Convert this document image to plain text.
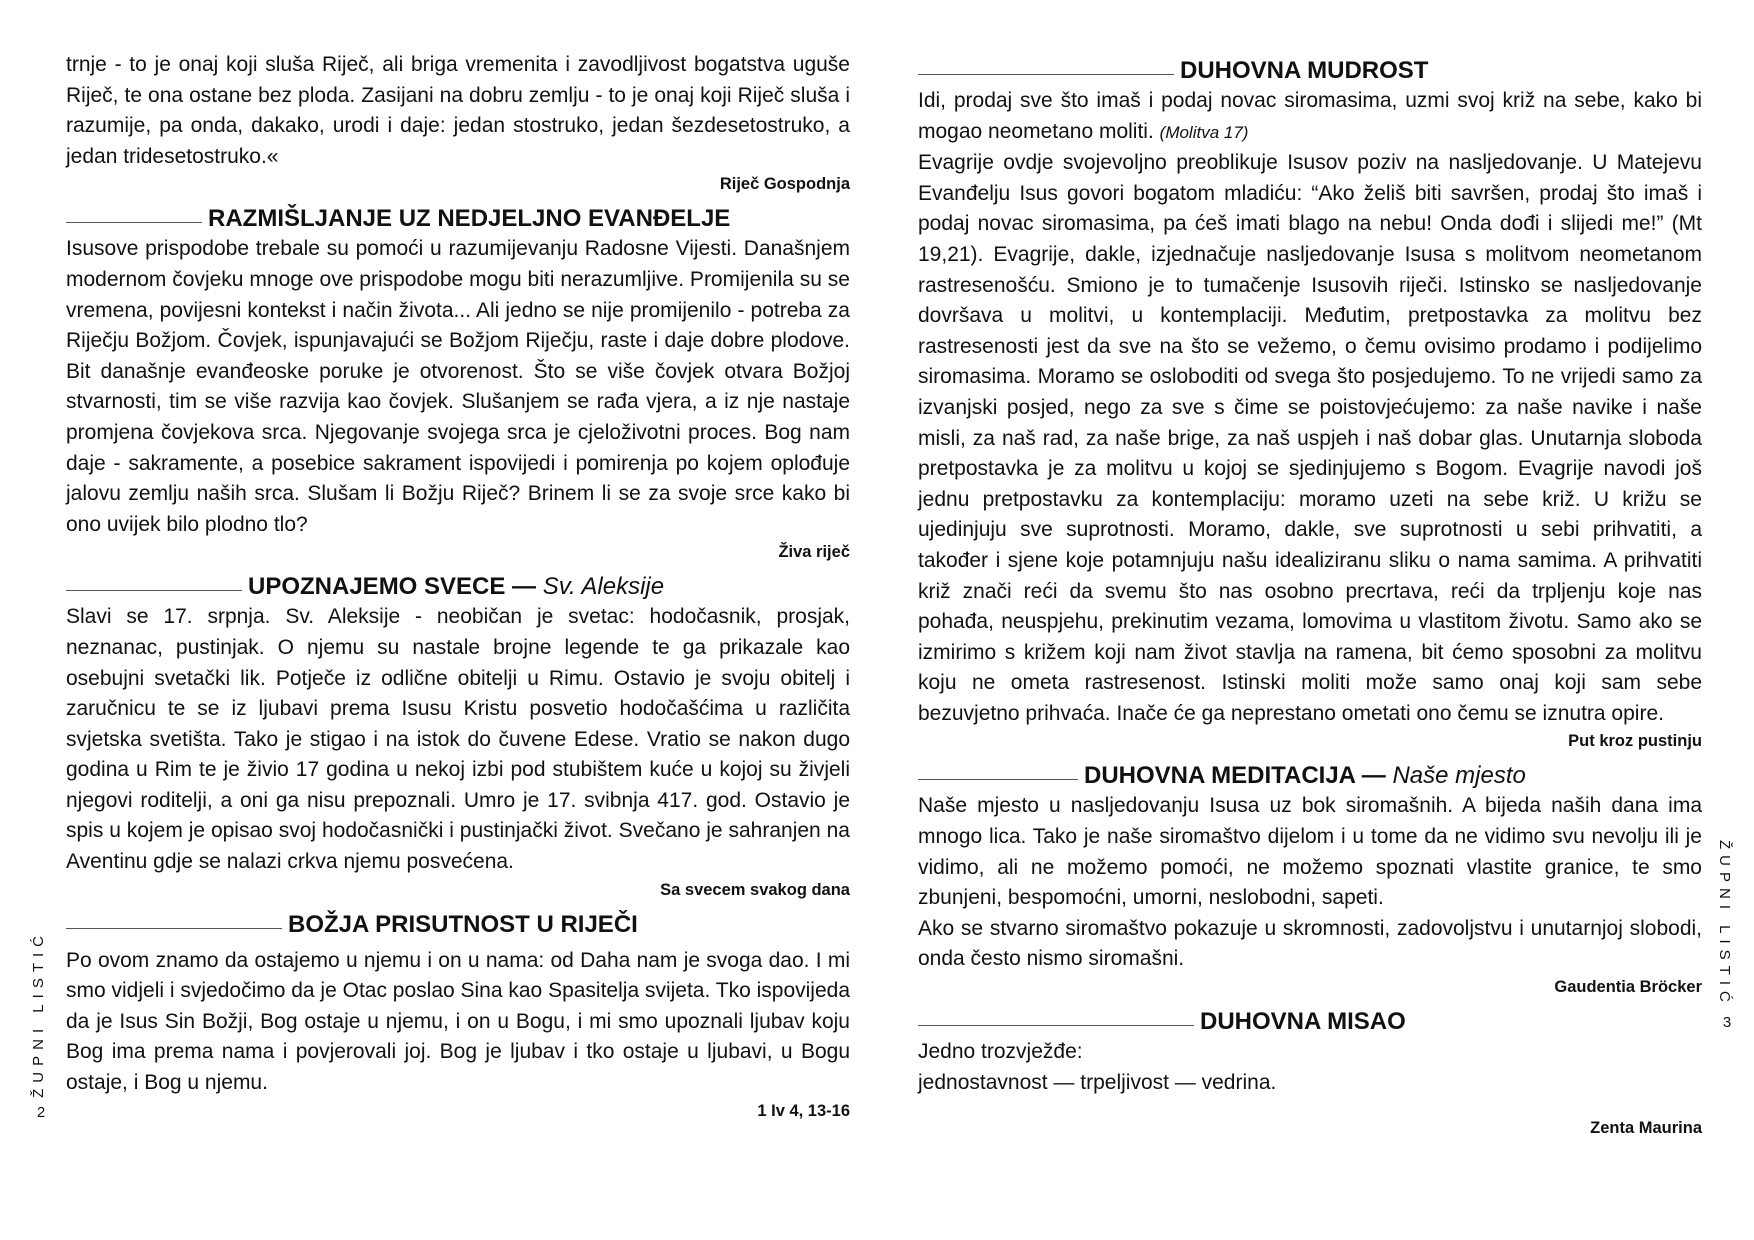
trnje - to je onaj koji sluša Riječ, ali briga vremenita i zavodljivost bogatstva uguše Riječ, te ona ostane bez ploda. Zasijani na dobru zemlju - to je onaj koji Riječ sluša i razumije, pa onda, dakako, urodi i daje: jedan stostruko, jedan šezdesetostruko, a jedan tridesetostruko.«

Riječ Gospodnja

RAZMIŠLJANJE UZ NEDJELJNO EVANĐELJE

Isusove prispodobe trebale su pomoći u razumijevanju Radosne Vijesti. Današnjem modernom čovjeku mnoge ove prispodobe mogu biti nerazumljive. Promijenila su se vremena, povijesni kontekst i način života... Ali jedno se nije promijenilo - potreba za Riječju Božjom. Čovjek, ispunjavajući se Božjom Riječju, raste i daje dobre plodove. Bit današnje evanđeoske poruke je otvorenost. Što se više čovjek otvara Božjoj stvarnosti, tim se više razvija kao čovjek. Slušanjem se rađa vjera, a iz nje nastaje promjena čovjekova srca. Njegovanje svojega srca je cjeloživotni proces. Bog nam daje - sakramente, a posebice sakrament ispovijedi i pomirenja po kojem oplođuje jalovu zemlju naših srca. Slušam li Božju Riječ? Brinem li se za svoje srce kako bi ono uvijek bilo plodno tlo?

Živa riječ

UPOZNAJEMO SVECE — Sv. Aleksije

Slavi se 17. srpnja. Sv. Aleksije - neobičan je svetac: hodočasnik, prosjak, neznanac, pustinjak. O njemu su nastale brojne legende te ga prikazale kao osebujni svetački lik. Potječe iz odlične obitelji u Rimu. Ostavio je svoju obitelj i zaručnicu te se iz ljubavi prema Isusu Kristu posvetio hodočašćima u različita svjetska svetišta. Tako je stigao i na istok do čuvene Edese. Vratio se nakon dugo godina u Rim te je živio 17 godina u nekoj izbi pod stubištem kuće u kojoj su živjeli njegovi roditelji, a oni ga nisu prepoznali. Umro je 17. svibnja 417. god. Ostavio je spis u kojem je opisao svoj hodočasnički i pustinjački život. Svečano je sahranjen na Aventinu gdje se nalazi crkva njemu posvećena.

Sa svecem svakog dana

BOŽJA PRISUTNOST U RIJEČI

Po ovom znamo da ostajemo u njemu i on u nama: od Daha nam je svoga dao. I mi smo vidjeli i svjedočimo da je Otac poslao Sina kao Spasitelja svijeta. Tko ispovijeda da je Isus Sin Božji, Bog ostaje u njemu, i on u Bogu, i mi smo upoznali ljubav koju Bog ima prema nama i povjerovali joj. Bog je ljubav i tko ostaje u ljubavi, u Bogu ostaje, i Bog u njemu.

1 Iv 4, 13-16

ŽUPNI LISTIĆ
2
DUHOVNA MUDROST

Idi, prodaj sve što imaš i podaj novac siromasima, uzmi svoj križ na sebe, kako bi mogao neometano moliti. (Molitva 17)

Evagrije ovdje svojevoljno preoblikuje Isusov poziv na nasljedovanje. U Matejevu Evanđelju Isus govori bogatom mladiću: “Ako želiš biti savršen, prodaj što imaš i podaj novac siromasima, pa ćeš imati blago na nebu! Onda dođi i slijedi me!” (Mt 19,21). Evagrije, dakle, izjednačuje nasljedovanje Isusa s molitvom neometanom rastresenošću. Smiono je to tumačenje Isusovih riječi. Istinsko se nasljedovanje dovršava u molitvi, u kontemplaciji. Međutim, pretpostavka za molitvu bez rastresenosti jest da sve na što se vežemo, o čemu ovisimo prodamo i podijelimo siromasima. Moramo se osloboditi od svega što posjedujemo. To ne vrijedi samo za izvanjski posjed, nego za sve s čime se poistovjećujemo: za naše navike i naše misli, za naš rad, za naše brige, za naš uspjeh i naš dobar glas. Unutarnja sloboda pretpostavka je za molitvu u kojoj se sjedinjujemo s Bogom. Evagrije navodi još jednu pretpostavku za kontemplaciju: moramo uzeti na sebe križ. U križu se ujedinjuju sve suprotnosti. Moramo, dakle, sve suprotnosti u sebi prihvatiti, a također i sjene koje potamnjuju našu idealiziranu sliku o nama samima. A prihvatiti križ znači reći da svemu što nas osobno precrtava, reći da trpljenju koje nas pohađa, neuspjehu, prekinutim vezama, lomovima u vlastitom životu. Samo ako se izmirimo s križem koji nam život stavlja na ramena, bit ćemo sposobni za molitvu koju ne ometa rastresenost. Istinski moliti može samo onaj koji sam sebe bezuvjetno prihvaća. Inače će ga neprestano ometati ono čemu se iznutra opire.

Put kroz pustinju

DUHOVNA MEDITACIJA — Naše mjesto

Naše mjesto u nasljedovanju Isusa uz bok siromašnih. A bijeda naših dana ima mnogo lica. Tako je naše siromaštvo dijelom i u tome da ne vidimo svu nevolju ili je vidimo, ali ne možemo pomoći, ne možemo spoznati vlastite granice, te smo zbunjeni, bespomoćni, umorni, neslobodni, sapeti.

Ako se stvarno siromaštvo pokazuje u skromnosti, zadovoljstvu i unutarnjoj slobodi, onda često nismo siromašni.

Gaudentia Bröcker

DUHOVNA MISAO

Jedno trozvježđe:

jednostavnost — trpeljivost — vedrina.

Zenta Maurina

ŽUPNI LISTIĆ
3
